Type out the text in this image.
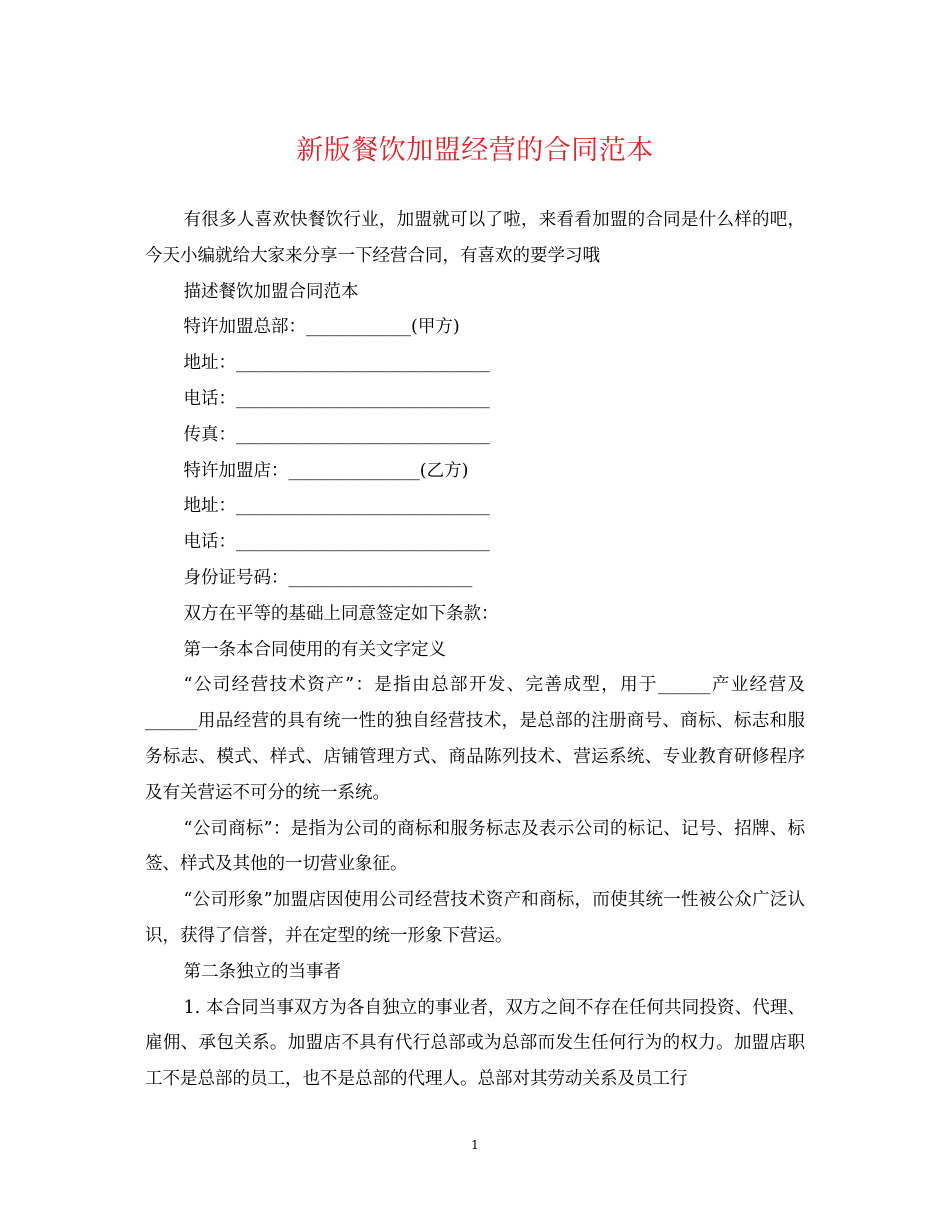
新版餐饮加盟经营的合同范本

有很多人喜欢快餐饮行业，加盟就可以了啦，来看看加盟的合同是什么样的吧，今天小编就给大家来分享一下经营合同，有喜欢的要学习哦

描述餐饮加盟合同范本

特许加盟总部：____________(甲方)

地址：_____________________________

电话：_____________________________

传真：_____________________________

特许加盟店：_______________(乙方)

地址：_____________________________

电话：_____________________________

身份证号码：_____________________

双方在平等的基础上同意签定如下条款：

第一条本合同使用的有关文字定义

“公司经营技术资产”：是指由总部开发、完善成型，用于______产业经营及______用品经营的具有统一性的独自经营技术，是总部的注册商号、商标、标志和服务标志、模式、样式、店铺管理方式、商品陈列技术、营运系统、专业教育研修程序及有关营运不可分的统一系统。

“公司商标”：是指为公司的商标和服务标志及表示公司的标记、记号、招牌、标签、样式及其他的一切营业象征。

“公司形象”加盟店因使用公司经营技术资产和商标，而使其统一性被公众广泛认识，获得了信誉，并在定型的统一形象下营运。

第二条独立的当事者

1. 本合同当事双方为各自独立的事业者，双方之间不存在任何共同投资、代理、雇佣、承包关系。加盟店不具有代行总部或为总部而发生任何行为的权力。加盟店职工不是总部的员工，也不是总部的代理人。总部对其劳动关系及员工行

1
